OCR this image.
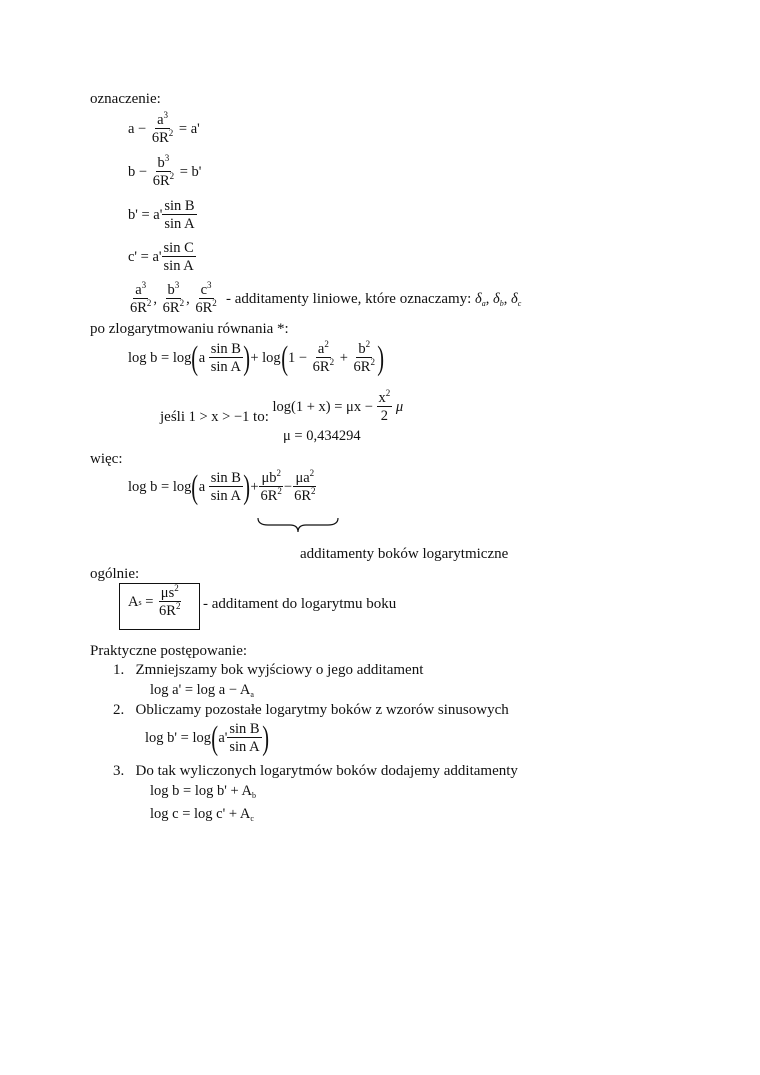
oznaczenie:
a −
$\frac{a^3}{6R^2}$
= a'
b −
$\frac{b^3}{6R^2}$
= b'
$b' = a' \frac{\text{sin B}}{\text{sin A}}$
$c' = a' \frac{\text{sin C}}{\text{sin A}}$
$\frac{a^3}{6R^2}$ ,
$\frac{b^3}{6R^2}$ ,
$\frac{c^3}{6R^2}$
- additamenty liniowe, które oznaczamy:
$\delta_a$ ,
$\delta_b$ ,
$\delta_c$
po zlogarytmowaniu równania *:
log b = log ( a
$\frac{\text{sin B}}{\text{sin A}}$ ) + log ( 1 −
$\frac{a^2}{6R^2}$
+
$\frac{b^2}{6R^2}$ )
jeśli
1 > x > −1
to:

log(1 + x) = μx −
$\frac{x^2}{2}$
μ
μ = 0,434294
więc:
log b = log ( a
$\frac{\text{sin B}}{\text{sin A}}$ ) + $\frac{\mu b^2}{6R^2} - \frac{\mu a^2}{6R^2}$
additamenty boków logarytmiczne
ogólnie:
A s
=
$\frac{\mu s^2}{6R^2}$ - additament do logarytmu boku
Praktyczne postępowanie:
1. Zmniejszamy bok wyjściowy o jego additament
$\log a' = \log a - A_a$
2. Obliczamy pozostałe logarytmy boków z wzorów sinusowych
log b' = log ( $a' \frac{\text{sin B}}{\text{sin A}}$ )
3. Do tak wyliczonych logarytmów boków dodajemy additamenty
$\log b = \log b' + A_b$
$\log c = \log c' + A_c$
